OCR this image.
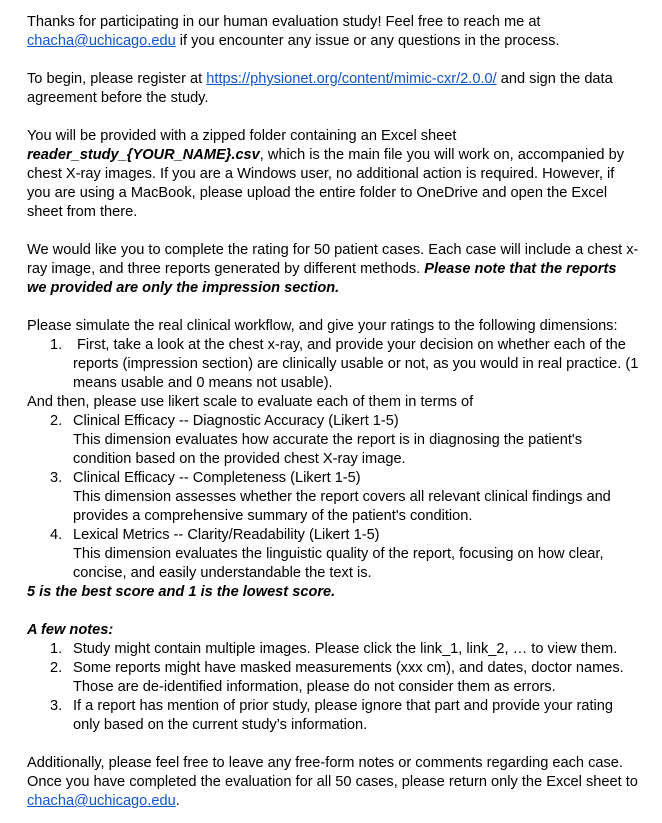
Thanks for participating in our human evaluation study! Feel free to reach me at
chacha@uchicago.edu if you encounter any issue or any questions in the process.

To begin, please register at https://physionet.org/content/mimic-cxr/2.0.0/ and sign the data agreement before the study.

You will be provided with a zipped folder containing an Excel sheet
reader_study_{YOUR_NAME}.csv, which is the main file you will work on, accompanied by chest X-ray images. If you are a Windows user, no additional action is required. However, if you are using a MacBook, please upload the entire folder to OneDrive and open the Excel sheet from there.

We would like you to complete the rating for 50 patient cases. Each case will include a chest x-ray image, and three reports generated by different methods. Please note that the reports we provided are only the impression section.

Please simulate the real clinical workflow, and give your ratings to the following dimensions:

1. First, take a look at the chest x-ray, and provide your decision on whether each of the reports (impression section) are clinically usable or not, as you would in real practice. (1 means usable and 0 means not usable).

And then, please use likert scale to evaluate each of them in terms of

2. Clinical Efficacy -- Diagnostic Accuracy (Likert 1-5)
This dimension evaluates how accurate the report is in diagnosing the patient's condition based on the provided chest X-ray image.
3. Clinical Efficacy -- Completeness (Likert 1-5)
This dimension assesses whether the report covers all relevant clinical findings and provides a comprehensive summary of the patient's condition.
4. Lexical Metrics -- Clarity/Readability (Likert 1-5)
This dimension evaluates the linguistic quality of the report, focusing on how clear, concise, and easily understandable the text is.

5 is the best score and 1 is the lowest score.

A few notes:

1. Study might contain multiple images. Please click the link_1, link_2, … to view them.
2. Some reports might have masked measurements (xxx cm), and dates, doctor names. Those are de-identified information, please do not consider them as errors.
3. If a report has mention of prior study, please ignore that part and provide your rating only based on the current study’s information.

Additionally, please feel free to leave any free-form notes or comments regarding each case. Once you have completed the evaluation for all 50 cases, please return only the Excel sheet to chacha@uchicago.edu.
